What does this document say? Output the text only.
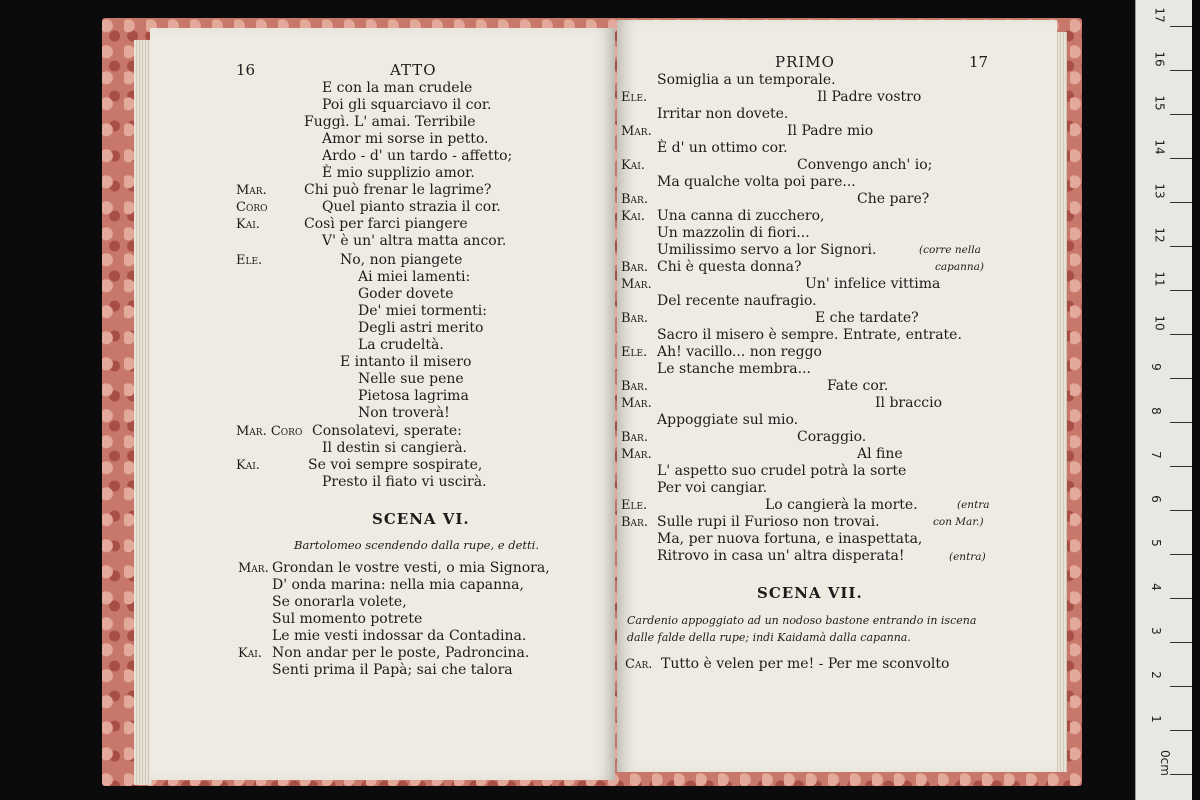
16	ATTO
E con la man crudele
Poi gli squarciavo il cor.
Fuggì. L' amai. Terribile
Amor mi sorse in petto.
Ardo - d' un tardo - affetto;
È mio supplizio amor.
Mar.	Chi può frenar le lagrime?
Coro	Quel pianto strazia il cor.
Kai.	Così per farci piangere
V' è un' altra matta ancor.
Ele.	No, non piangete
Ai miei lamenti:
Goder dovete
De' miei tormenti:
Degli astri merito
La crudeltà.
E intanto il misero
Nelle sue pene
Pietosa lagrima
Non troverà!
Mar. Coro Consolatevi, sperate:
Il destin si cangierà.
Kai.	Se voi sempre sospirate,
Presto il fiato vi uscirà.
SCENA VI.
Bartolomeo scendendo dalla rupe, e detti.
Mar. Grondan le vostre vesti, o mia Signora,
D' onda marina: nella mia capanna,
Se onorarla volete,
Sul momento potrete
Le mie vesti indossar da Contadina.
Kai. Non andar per le poste, Padroncina.
Senti prima il Papà; sai che talora
PRIMO	17
Somiglia a un temporale.
Ele.	Il Padre vostro
Irritar non dovete.
Mar.	Il Padre mio
È d' un ottimo cor.
Kai.	Convengo anch' io;
Ma qualche volta poi pare...
Bar.	Che pare?
Kai. Una canna di zucchero,
Un mazzolin di fiori...
Umilissimo servo a lor Signori.	(corre nella
Bar. Chi è questa donna?	capanna)
Mar.	Un' infelice vittima
Del recente naufragio.
Bar.	E che tardate?
Sacro il misero è sempre. Entrate, entrate.
Ele. Ah! vacillo... non reggo
Le stanche membra...
Bar.	Fate cor.
Mar.	Il braccio
Appoggiate sul mio.
Bar.	Coraggio.
Mar.	Al fine
L' aspetto suo crudel potrà la sorte
Per voi cangiar.
Ele.	Lo cangierà la morte.	(entra
Bar. Sulle rupi il Furioso non trovai.	con Mar.)
Ma, per nuova fortuna, e inaspettata,
Ritrovo in casa un' altra disperata!	(entra)
SCENA VII.
Cardenio appoggiato ad un nodoso bastone entrando in iscena
dalle falde della rupe; indi Kaidamà dalla capanna.
Car. Tutto è velen per me! - Per me sconvolto
17
16
15
14
13
12
11
10
9
8
7
6
5
4
3
2
1
0cm
